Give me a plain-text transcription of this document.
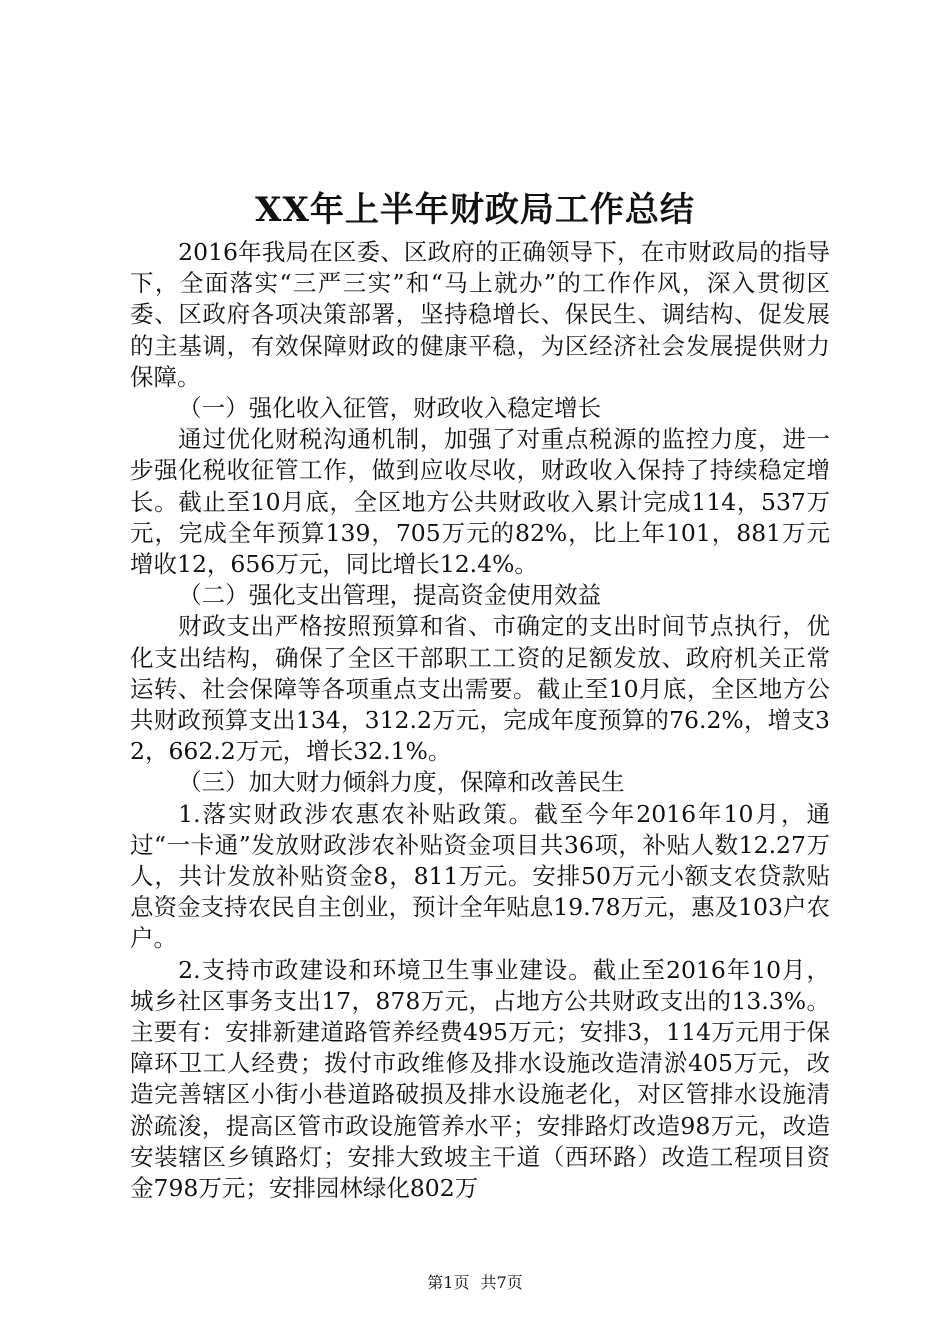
XX年上半年财政局工作总结

2016年我局在区委、区政府的正确领导下，在市财政局的指导下，全面落实“三严三实”和“马上就办”的工作作风，深入贯彻区委、区政府各项决策部署，坚持稳增长、保民生、调结构、促发展的主基调，有效保障财政的健康平稳，为区经济社会发展提供财力保障。

（一）强化收入征管，财政收入稳定增长

通过优化财税沟通机制，加强了对重点税源的监控力度，进一步强化税收征管工作，做到应收尽收，财政收入保持了持续稳定增长。截止至10月底，全区地方公共财政收入累计完成114，537万元，完成全年预算139，705万元的82%，比上年101，881万元增收12，656万元，同比增长12.4%。

（二）强化支出管理，提高资金使用效益

财政支出严格按照预算和省、市确定的支出时间节点执行，优化支出结构，确保了全区干部职工工资的足额发放、政府机关正常运转、社会保障等各项重点支出需要。截止至10月底，全区地方公共财政预算支出134，312.2万元，完成年度预算的76.2%，增支32，662.2万元，增长32.1%。

（三）加大财力倾斜力度，保障和改善民生

1.落实财政涉农惠农补贴政策。截至今年2016年10月，通过“一卡通”发放财政涉农补贴资金项目共36项，补贴人数12.27万人，共计发放补贴资金8，811万元。安排50万元小额支农贷款贴息资金支持农民自主创业，预计全年贴息19.78万元，惠及103户农户。

2.支持市政建设和环境卫生事业建设。截止至2016年10月，城乡社区事务支出17，878万元，占地方公共财政支出的13.3%。主要有：安排新建道路管养经费495万元；安排3，114万元用于保障环卫工人经费；拨付市政维修及排水设施改造清淤405万元，改造完善辖区小街小巷道路破损及排水设施老化，对区管排水设施清淤疏浚，提高区管市政设施管养水平；安排路灯改造98万元，改造安装辖区乡镇路灯；安排大致坡主干道（西环路）改造工程项目资金798万元；安排园林绿化802万

第1页 共7页
